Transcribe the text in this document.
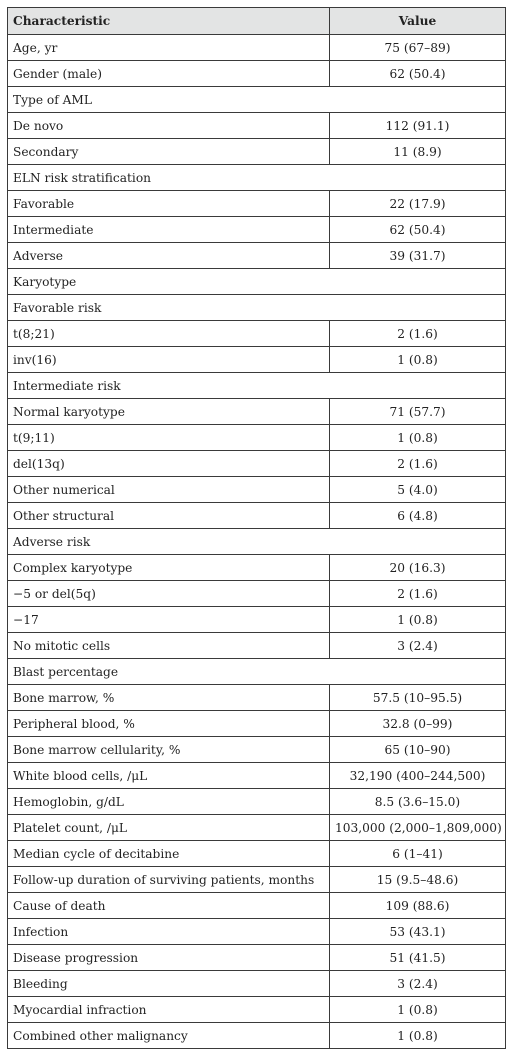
Characteristic	Value
Age, yr	75 (67–89)
Gender (male)	62 (50.4)
Type of AML	
De novo	112 (91.1)
Secondary	11 (8.9)
ELN risk stratification	
Favorable	22 (17.9)
Intermediate	62 (50.4)
Adverse	39 (31.7)
Karyotype	
Favorable risk	
t(8;21)	2 (1.6)
inv(16)	1 (0.8)
Intermediate risk	
Normal karyotype	71 (57.7)
t(9;11)	1 (0.8)
del(13q)	2 (1.6)
Other numerical	5 (4.0)
Other structural	6 (4.8)
Adverse risk	
Complex karyotype	20 (16.3)
−5 or del(5q)	2 (1.6)
−17	1 (0.8)
No mitotic cells	3 (2.4)
Blast percentage	
Bone marrow, %	57.5 (10–95.5)
Peripheral blood, %	32.8 (0–99)
Bone marrow cellularity, %	65 (10–90)
White blood cells, /μL	32,190 (400–244,500)
Hemoglobin, g/dL	8.5 (3.6–15.0)
Platelet count, /μL	103,000 (2,000–1,809,000)
Median cycle of decitabine	6 (1–41)
Follow-up duration of surviving patients, months	15 (9.5–48.6)
Cause of death	109 (88.6)
Infection	53 (43.1)
Disease progression	51 (41.5)
Bleeding	3 (2.4)
Myocardial infraction	1 (0.8)
Combined other malignancy	1 (0.8)
